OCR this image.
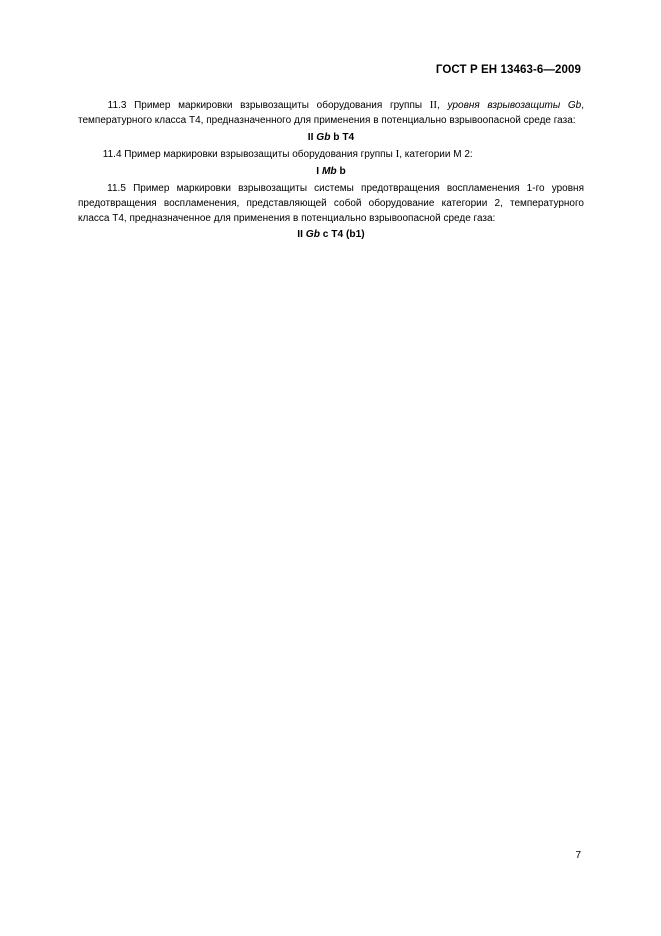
ГОСТ Р ЕН 13463-6—2009

11.3 Пример маркировки взрывозащиты оборудования группы II, уровня взрывозащиты Gb, температурного класса Т4, предназначенного для применения в потенциально взрывоопасной среде газа:

II Gb b T4

11.4 Пример маркировки взрывозащиты оборудования группы I, категории М 2:

I Mb b

11.5 Пример маркировки взрывозащиты системы предотвращения воспламенения 1-го уровня предотвращения воспламенения, представляющей собой оборудование категории 2, температурного класса Т4, предназначенное для применения в потенциально взрывоопасной среде газа:

II Gb c T4 (b1)
7
